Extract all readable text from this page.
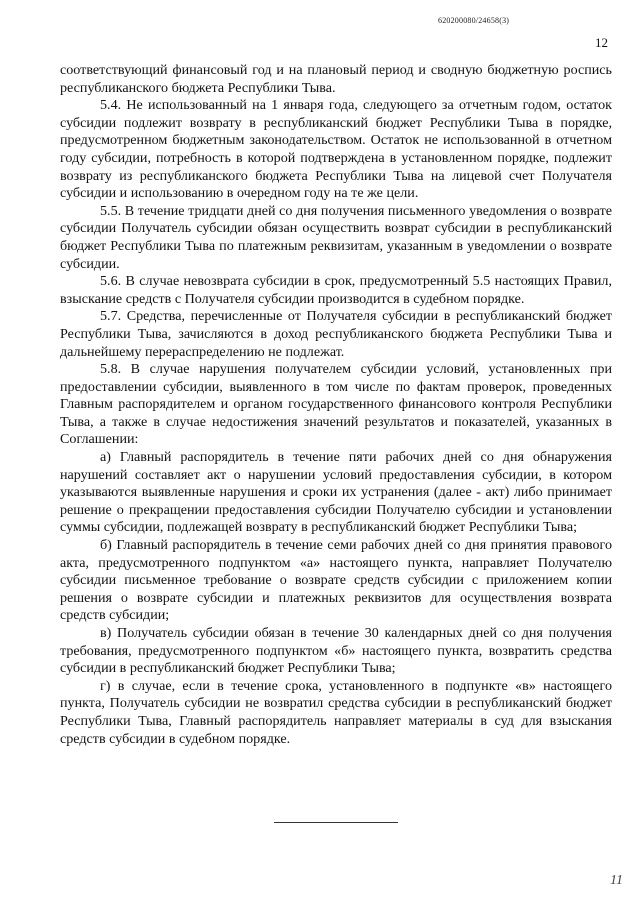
620200080/24658(3)
12

соответствующий финансовый год и на плановый период и сводную бюджетную роспись республиканского бюджета Республики Тыва.

5.4. Не использованный на 1 января года, следующего за отчетным годом, остаток субсидии подлежит возврату в республиканский бюджет Республики Тыва в порядке, предусмотренном бюджетным законодательством. Остаток не использованной в отчетном году субсидии, потребность в которой подтверждена в установленном порядке, подлежит возврату из республиканского бюджета Республики Тыва на лицевой счет Получателя субсидии и использованию в очередном году на те же цели.

5.5. В течение тридцати дней со дня получения письменного уведомления о возврате субсидии Получатель субсидии обязан осуществить возврат субсидии в республиканский бюджет Республики Тыва по платежным реквизитам, указанным в уведомлении о возврате субсидии.

5.6. В случае невозврата субсидии в срок, предусмотренный 5.5 настоящих Правил, взыскание средств с Получателя субсидии производится в судебном порядке.

5.7. Средства, перечисленные от Получателя субсидии в республиканский бюджет Республики Тыва, зачисляются в доход республиканского бюджета Республики Тыва и дальнейшему перераспределению не подлежат.

5.8. В случае нарушения получателем субсидии условий, установленных при предоставлении субсидии, выявленного в том числе по фактам проверок, проведенных Главным распорядителем и органом государственного финансового контроля Республики Тыва, а также в случае недостижения значений результатов и показателей, указанных в Соглашении:

а) Главный распорядитель в течение пяти рабочих дней со дня обнаружения нарушений составляет акт о нарушении условий предоставления субсидии, в котором указываются выявленные нарушения и сроки их устранения (далее - акт) либо принимает решение о прекращении предоставления субсидии Получателю субсидии и установлении суммы субсидии, подлежащей возврату в республиканский бюджет Республики Тыва;

б) Главный распорядитель в течение семи рабочих дней со дня принятия правового акта, предусмотренного подпунктом «а» настоящего пункта, направляет Получателю субсидии письменное требование о возврате средств субсидии с приложением копии решения о возврате субсидии и платежных реквизитов для осуществления возврата средств субсидии;

в) Получатель субсидии обязан в течение 30 календарных дней со дня получения требования, предусмотренного подпунктом «б» настоящего пункта, возвратить средства субсидии в республиканский бюджет Республики Тыва;

г) в случае, если в течение срока, установленного в подпункте «в» настоящего пункта, Получатель субсидии не возвратил средства субсидии в республиканский бюджет Республики Тыва, Главный распорядитель направляет материалы в суд для взыскания средств субсидии в судебном порядке.

11
